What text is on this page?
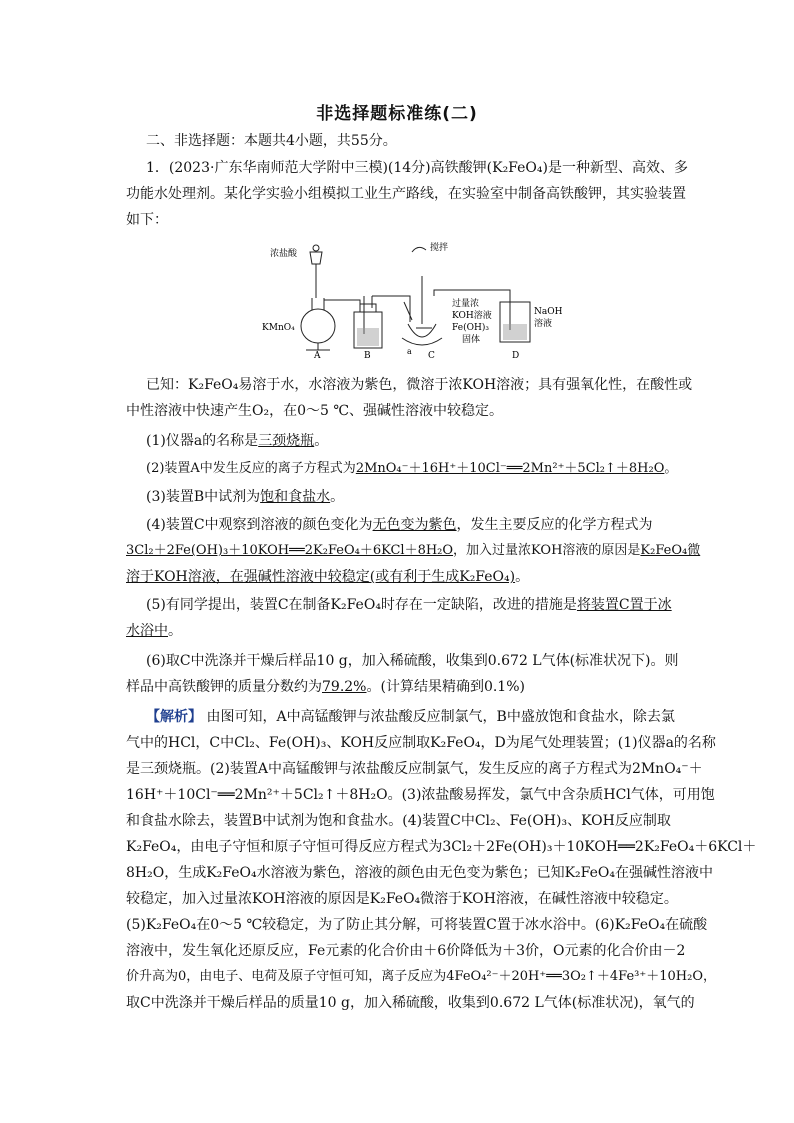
非选择题标准练(二)
二、非选择题：本题共4小题，共55分。
1．(2023·广东华南师范大学附中三模)(14分)高铁酸钾(K₂FeO₄)是一种新型、高效、多
功能水处理剂。某化学实验小组模拟工业生产路线，在实验室中制备高铁酸钾，其实验装置
如下：
浓盐酸
搅拌
过量浓
KOH溶液
Fe(OH)₃
固体
KMnO₄
NaOH
溶液
A	B	a C	D
已知：K₂FeO₄易溶于水，水溶液为紫色，微溶于浓KOH溶液；具有强氧化性，在酸性或
中性溶液中快速产生O₂，在0～5 ℃、强碱性溶液中较稳定。
(1)仪器a的名称是三颈烧瓶。
(2)装置A中发生反应的离子方程式为2MnO₄⁻＋16H⁺＋10Cl⁻══2Mn²⁺＋5Cl₂↑＋8H₂O。
(3)装置B中试剂为饱和食盐水。
(4)装置C中观察到溶液的颜色变化为无色变为紫色，发生主要反应的化学方程式为
3Cl₂＋2Fe(OH)₃＋10KOH══2K₂FeO₄＋6KCl＋8H₂O，加入过量浓KOH溶液的原因是K₂FeO₄微
溶于KOH溶液，在强碱性溶液中较稳定(或有利于生成K₂FeO₄)。
(5)有同学提出，装置C在制备K₂FeO₄时存在一定缺陷，改进的措施是将装置C置于冰
水浴中。
(6)取C中洗涤并干燥后样品10 g，加入稀硫酸，收集到0.672 L气体(标准状况下)。则
样品中高铁酸钾的质量分数约为79.2%。(计算结果精确到0.1%)
【解析】 由图可知，A中高锰酸钾与浓盐酸反应制氯气，B中盛放饱和食盐水，除去氯
气中的HCl，C中Cl₂、Fe(OH)₃、KOH反应制取K₂FeO₄，D为尾气处理装置；(1)仪器a的名称
是三颈烧瓶。(2)装置A中高锰酸钾与浓盐酸反应制氯气，发生反应的离子方程式为2MnO₄⁻＋
16H⁺＋10Cl⁻══2Mn²⁺＋5Cl₂↑＋8H₂O。(3)浓盐酸易挥发，氯气中含杂质HCl气体，可用饱
和食盐水除去，装置B中试剂为饱和食盐水。(4)装置C中Cl₂、Fe(OH)₃、KOH反应制取
K₂FeO₄，由电子守恒和原子守恒可得反应方程式为3Cl₂＋2Fe(OH)₃＋10KOH══2K₂FeO₄＋6KCl＋
8H₂O，生成K₂FeO₄水溶液为紫色，溶液的颜色由无色变为紫色；已知K₂FeO₄在强碱性溶液中
较稳定，加入过量浓KOH溶液的原因是K₂FeO₄微溶于KOH溶液，在碱性溶液中较稳定。
(5)K₂FeO₄在0～5 ℃较稳定，为了防止其分解，可将装置C置于冰水浴中。(6)K₂FeO₄在硫酸
溶液中，发生氧化还原反应，Fe元素的化合价由＋6价降低为＋3价，O元素的化合价由－2
价升高为0，由电子、电荷及原子守恒可知，离子反应为4FeO₄²⁻＋20H⁺══3O₂↑＋4Fe³⁺＋10H₂O，
取C中洗涤并干燥后样品的质量10 g，加入稀硫酸，收集到0.672 L气体(标准状况)，氧气的
